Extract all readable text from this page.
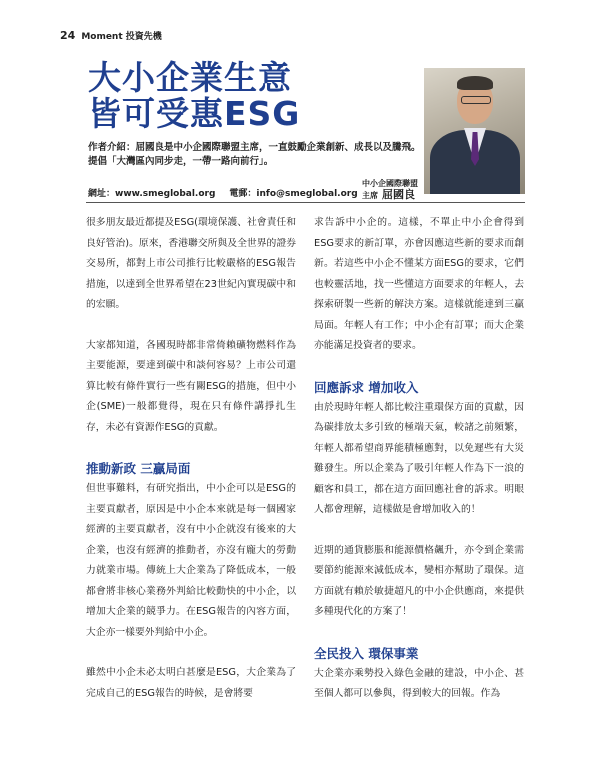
24 Moment 投資先機
大小企業生意
皆可受惠ESG
作者介紹：屈國良是中小企國際聯盟主席，一直鼓勵企業創新、成長以及騰飛。
提倡「大灣區內同步走，一帶一路向前行」。
中小企國際聯盟
主席 屈國良
網址：www.smeglobal.org 電郵：info@smeglobal.org

很多朋友最近都提及ESG(環境保護、社會責任和良好管治)。原來，香港聯交所與及全世界的證券交易所，都對上市公司推行比較嚴格的ESG報告措施，以達到全世界希望在23世紀內實現碳中和的宏願。

大家都知道，各國現時都非常倚賴礦物燃料作為主要能源，要達到碳中和談何容易？上市公司還算比較有條件實行一些有關ESG的措施，但中小企(SME)一般都覺得，現在只有條件講掙扎生存，未必有資源作ESG的貢獻。

推動新政 三贏局面

但世事難料，有研究指出，中小企可以是ESG的主要貢獻者，原因是中小企本來就是每一個國家經濟的主要貢獻者，沒有中小企就沒有後來的大企業，也沒有經濟的推動者，亦沒有龐大的勞動力就業市場。傳統上大企業為了降低成本，一般都會將非核心業務外判給比較動快的中小企，以增加大企業的競爭力。在ESG報告的內容方面，大企亦一樣要外判給中小企。

雖然中小企未必太明白甚麼是ESG，大企業為了完成自己的ESG報告的時候，是會將要

求告訴中小企的。這樣，不單止中小企會得到ESG要求的新訂單，亦會因應這些新的要求而創新。若這些中小企不懂某方面ESG的要求，它們也較靈活地，找一些懂這方面要求的年輕人，去探索研製一些新的解決方案。這樣就能達到三贏局面。年輕人有工作；中小企有訂單；而大企業亦能滿足投資者的要求。

回應訴求 增加收入

由於現時年輕人都比較注重環保方面的貢獻，因為碳排放太多引致的極端天氣，較諸之前頻繁，年輕人都希望商界能積極應對，以免遲些有大災難發生。所以企業為了吸引年輕人作為下一浪的顧客和員工，都在這方面回應社會的訴求。明眼人都會理解，這樣做是會增加收入的！

近期的通貨膨脹和能源價格飆升，亦令到企業需要節約能源來減低成本，變相亦幫助了環保。這方面就有賴於敏捷超凡的中小企供應商，來提供多種現代化的方案了！

全民投入 環保事業

大企業亦乘勢投入綠色金融的建設，中小企、甚至個人都可以參與，得到較大的回報。作為
